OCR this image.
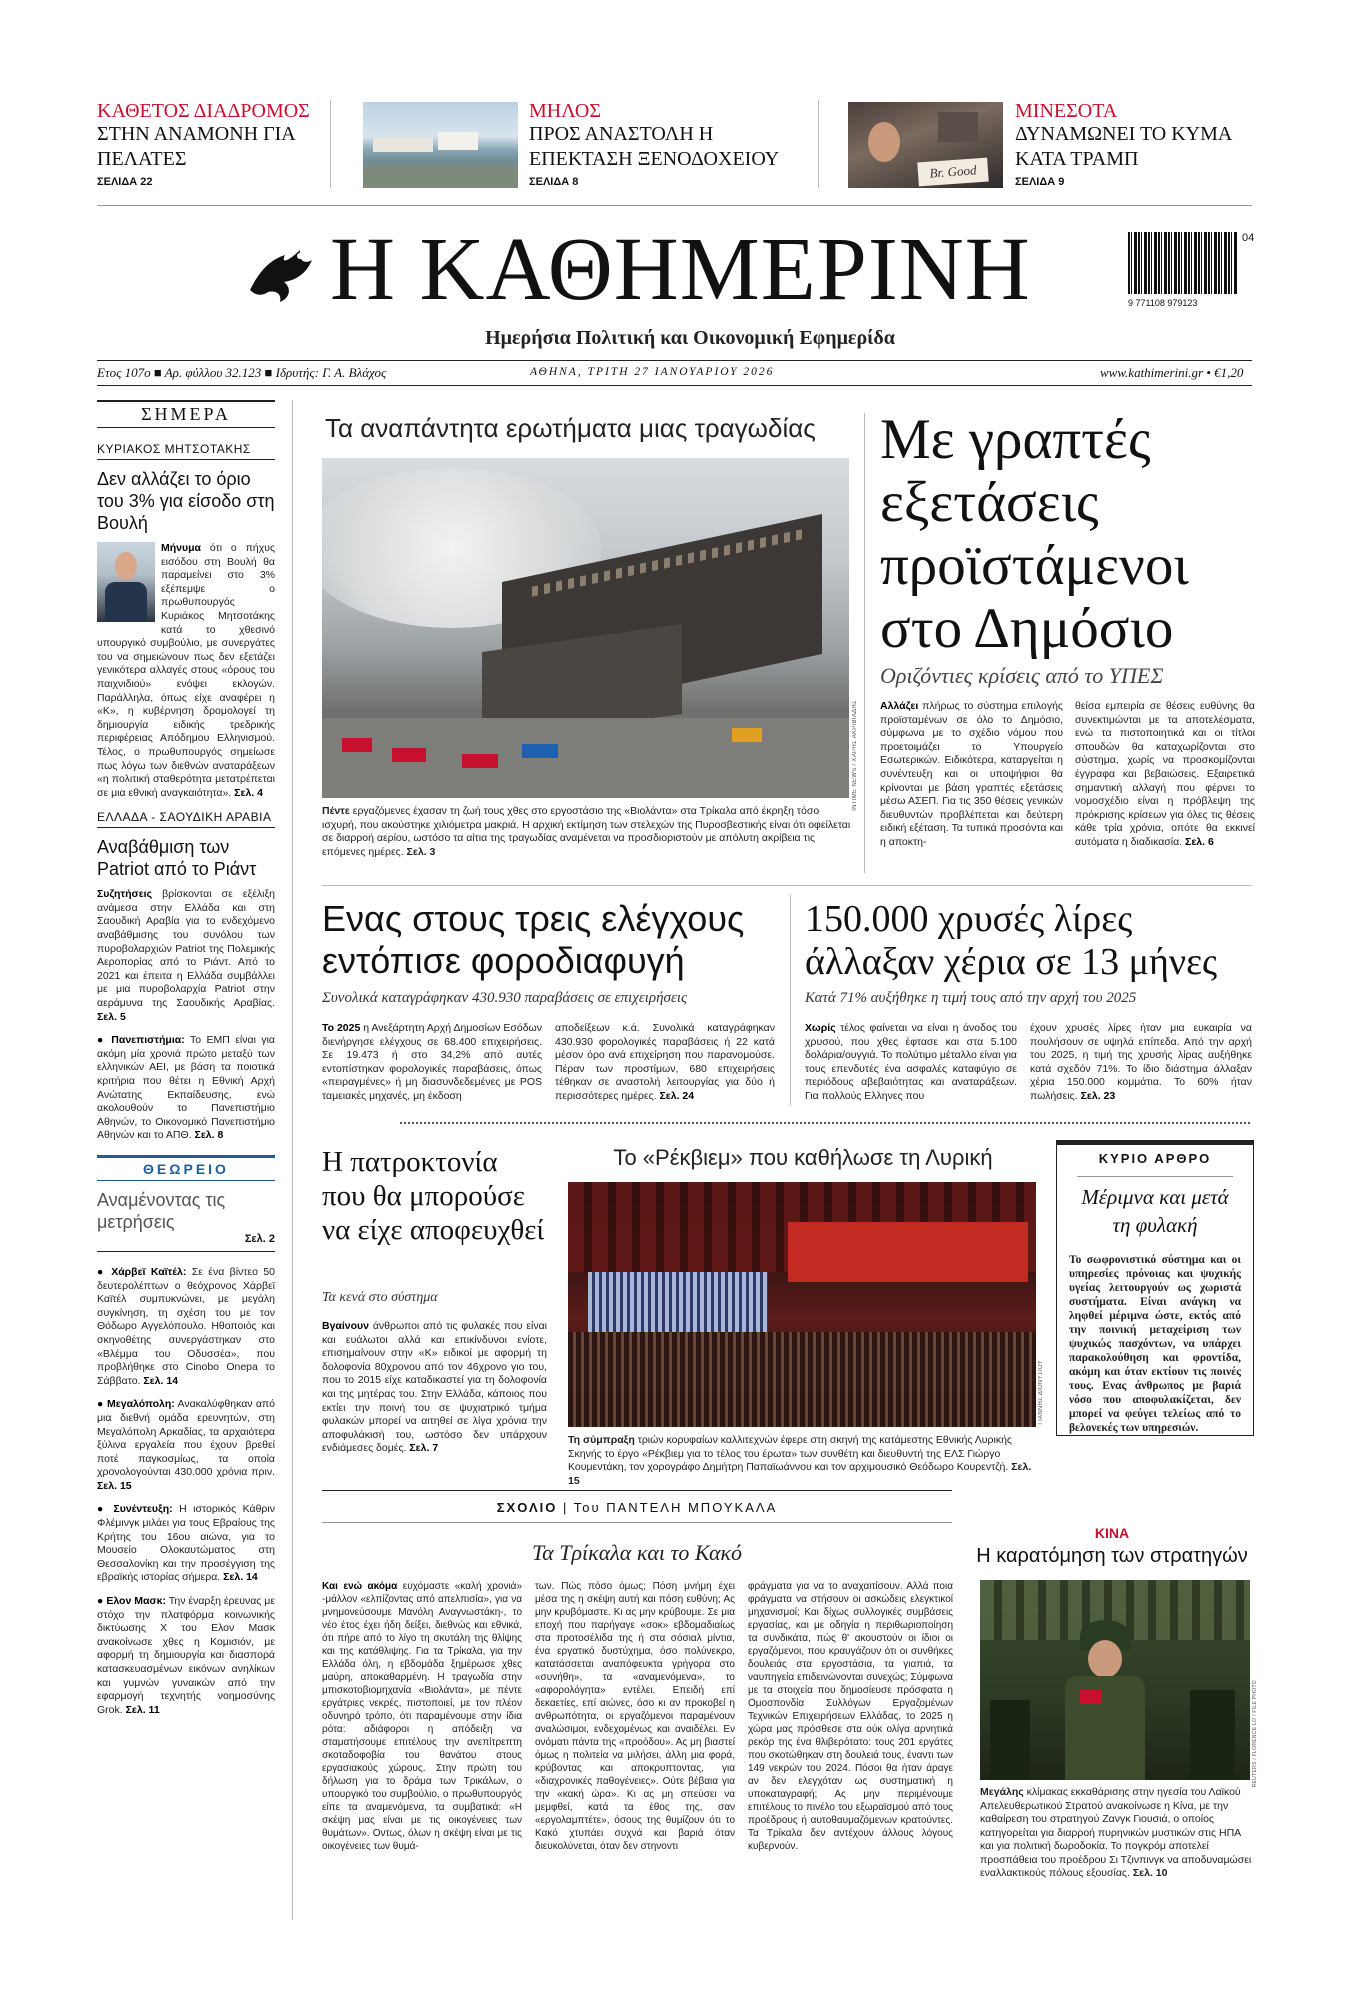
ΚΑΘΕΤΟΣ ΔΙΑΔΡΟΜΟΣ
ΣΤΗΝ ΑΝΑΜΟΝΗ ΓΙΑ ΠΕΛΑΤΕΣ
ΣΕΛΙΔΑ 22
ΜΗΛΟΣ
ΠΡΟΣ ΑΝΑΣΤΟΛΗ Η ΕΠΕΚΤΑΣΗ ΞΕΝΟΔΟΧΕΙΟΥ
ΣΕΛΙΔΑ 8
Br. Good
ΜΙΝΕΣΟΤΑ
ΔΥΝΑΜΩΝΕΙ ΤΟ ΚΥΜΑ ΚΑΤΑ ΤΡΑΜΠ
ΣΕΛΙΔΑ 9
Η ΚΑΘΗΜΕΡΙΝΗ
Ημερήσια Πολιτική και Οικονομική Εφημερίδα
04
9 771108 979123
Ετος 107ο ■ Αρ. φύλλου 32.123 ■ Ιδρυτής: Γ. Α. Βλάχος	ΑΘΗΝΑ, ΤΡΙΤΗ 27 ΙΑΝΟΥΑΡΙΟΥ 2026	www.kathimerini.gr • €1,20
ΣΗΜΕΡΑ
ΚΥΡΙΑΚΟΣ ΜΗΤΣΟΤΑΚΗΣ
Δεν αλλάζει το όριο του 3% για είσοδο στη Βουλή
Μήνυμα ότι ο πήχυς εισόδου στη Βουλή θα παραμείνει στο 3% εξέπεμψε ο πρωθυπουργός Κυριάκος Μητσοτάκης κατά το χθεσινό υπουργικό συμβούλιο, με συνεργάτες του να σημειώνουν πως δεν εξετάζει γενικότερα αλλαγές στους «όρους του παιχνιδιού» ενόψει εκλογών. Παράλληλα, όπως είχε αναφέρει η «Κ», η κυβέρνηση δρομολογεί τη δημιουργία ειδικής τρεδρικής περιφέρειας Απόδημου Ελληνισμού. Τέλος, ο πρωθυπουργός σημείωσε πως λόγω των διεθνών αναταράξεων «η πολιτική σταθερότητα μετατρέπεται σε μια εθνική αναγκαιότητα». Σελ. 4
ΕΛΛΑΔΑ - ΣΑΟΥΔΙΚΗ ΑΡΑΒΙΑ
Αναβάθμιση των Patriot από το Ριάντ
Συζητήσεις βρίσκονται σε εξέλιξη ανάμεσα στην Ελλάδα και στη Σαουδική Αραβία για το ενδεχόμενο αναβάθμισης του συνόλου των πυροβολαρχιών Patriot της Πολεμικής Αεροπορίας από το Ριάντ. Από το 2021 και έπειτα η Ελλάδα συμβάλλει με μια πυροβολαρχία Patriot στην αεράμυνα της Σαουδικής Αραβίας. Σελ. 5
● Πανεπιστήμια: Το ΕΜΠ είναι για ακόμη μία χρονιά πρώτο μεταξύ των ελληνικών ΑΕΙ, με βάση τα ποιοτικά κριτήρια που θέτει η Εθνική Αρχή Ανώτατης Εκπαίδευσης, ενώ ακολουθούν το Πανεπιστήμιο Αθηνών, το Οικονομικό Πανεπιστήμιο Αθηνών και το ΑΠΘ. Σελ. 8
ΘΕΩΡΕΙΟ
Αναμένοντας τις μετρήσεις
Σελ. 2
● Χάρβεϊ Καϊτέλ: Σε ένα βίντεο 50 δευτερολέπτων ο θεόχρονος Χάρβεϊ Καϊτέλ συμπυκνώνει, με μεγάλη συγκίνηση, τη σχέση του με τον Θόδωρο Αγγελόπουλο. Ηθοποιός και σκηνοθέτης συνεργάστηκαν στο «Βλέμμα του Οδυσσέα», που προβλήθηκε στο Cinobo Onepa το Σάββατο. Σελ. 14
● Μεγαλόπολη: Ανακαλύφθηκαν από μια διεθνή ομάδα ερευνητών, στη Μεγαλόπολη Αρκαδίας, τα αρχαιότερα ξύλινα εργαλεία που έχουν βρεθεί ποτέ παγκοσμίως, τα οποία χρονολογούνται 430.000 χρόνια πριν. Σελ. 15
● Συνέντευξη: Η ιστορικός Κάθριν Φλέμινγκ μιλάει για τους Εβραίους της Κρήτης του 16ου αιώνα, για το Μουσείο Ολοκαυτώματος στη Θεσσαλονίκη και την προσέγγιση της εβραϊκής ιστορίας σήμερα. Σελ. 14
● Ελον Μασκ: Την έναρξη έρευνας με στόχο την πλατφόρμα κοινωνικής δικτύωσης Χ του Ελον Μασκ ανακοίνωσε χθες η Κομισιόν, με αφορμή τη δημιουργία και διασπορά κατασκευασμένων εικόνων ανηλίκων και γυμνών γυναικών από την εφαρμογή τεχνητής νοημοσύνης Grok. Σελ. 11
Τα αναπάντητα ερωτήματα μιας τραγωδίας
INTIME NEWS / ΧΑΡΗΣ ΑΚΡΙΒΙΑΔΗΣ
Πέντε εργαζόμενες έχασαν τη ζωή τους χθες στο εργοστάσιο της «Βιολάντα» στα Τρίκαλα από έκρηξη τόσο ισχυρή, που ακούστηκε χιλιόμετρα μακριά. Η αρχική εκτίμηση των στελεχών της Πυροσβεστικής είναι ότι οφείλεται σε διαρροή αερίου, ωστόσο τα αίτια της τραγωδίας αναμένεται να προσδιοριστούν με απόλυτη ακρίβεια τις επόμενες ημέρες. Σελ. 3
Με γραπτές εξετάσεις προϊστάμενοι στο Δημόσιο
Οριζόντιες κρίσεις από το ΥΠΕΣ
Αλλάζει πλήρως το σύστημα επιλογής προϊσταμένων σε όλο το Δημόσιο, σύμφωνα με το σχέδιο νόμου που προετοιμάζει το Υπουργείο Εσωτερικών. Ειδικότερα, καταργείται η συνέντευξη και οι υποψήφιοι θα κρίνονται με βάση γραπτές εξετάσεις μέσω ΑΣΕΠ. Για τις 350 θέσεις γενικών διευθυντών προβλέπεται και δεύτερη ειδική εξέταση. Τα τυπικά προσόντα και η αποκτη-
θείσα εμπειρία σε θέσεις ευθύνης θα συνεκτιμώνται με τα αποτελέσματα, ενώ τα πιστοποιητικά και οι τίτλοι σπουδών θα καταχωρίζονται στο σύστημα, χωρίς να προσκομίζονται έγγραφα και βεβαιώσεις. Εξαιρετικά σημαντική αλλαγή που φέρνει το νομοσχέδιο είναι η πρόβλεψη της πρόκρισης κρίσεων για όλες τις θέσεις κάθε τρία χρόνια, οπότε θα εκκινεί αυτόματα η διαδικασία. Σελ. 6
Ενας στους τρεις ελέγχους εντόπισε φοροδιαφυγή
Συνολικά καταγράφηκαν 430.930 παραβάσεις σε επιχειρήσεις
Το 2025 η Ανεξάρτητη Αρχή Δημοσίων Εσόδων διενήργησε ελέγχους σε 68.400 επιχειρήσεις. Σε 19.473 ή στο 34,2% από αυτές εντοπίστηκαν φορολογικές παραβάσεις, όπως «πειραγμένες» ή μη διασυνδεδεμένες με POS ταμειακές μηχανές, μη έκδοση
αποδείξεων κ.ά. Συνολικά καταγράφηκαν 430.930 φορολογικές παραβάσεις ή 22 κατά μέσον όρο ανά επιχείρηση που παρανομούσε. Πέραν των προστίμων, 680 επιχειρήσεις τέθηκαν σε αναστολή λειτουργίας για δύο ή περισσότερες ημέρες. Σελ. 24
150.000 χρυσές λίρες άλλαξαν χέρια σε 13 μήνες
Κατά 71% αυξήθηκε η τιμή τους από την αρχή του 2025
Χωρίς τέλος φαίνεται να είναι η άνοδος του χρυσού, που χθες έφτασε και στα 5.100 δολάρια/ουγγιά. Το πολύτιμο μέταλλο είναι για τους επενδυτές ένα ασφαλές καταφύγιο σε περιόδους αβεβαιότητας και αναταράξεων. Για πολλούς Ελληνες που
έχουν χρυσές λίρες ήταν μια ευκαιρία να πουλήσουν σε υψηλά επίπεδα. Από την αρχή του 2025, η τιμή της χρυσής λίρας αυξήθηκε κατά σχεδόν 71%. Το ίδιο διάστημα άλλαξαν χέρια 150.000 κομμάτια. Το 60% ήταν πωλήσεις. Σελ. 23
Η πατροκτονία που θα μπορούσε να είχε αποφευχθεί
Τα κενά στο σύστημα
Βγαίνουν άνθρωποι από τις φυλακές που είναι και ευάλωτοι αλλά και επικίνδυνοι ενίοτε, επισημαίνουν στην «Κ» ειδικοί με αφορμή τη δολοφονία 80χρονου από τον 46χρονο γιο του, που το 2015 είχε καταδικαστεί για τη δολοφονία και της μητέρας του. Στην Ελλάδα, κάποιος που εκτίει την ποινή του σε ψυχιατρικό τμήμα φυλακών μπορεί να αιτηθεί σε λίγα χρόνια την αποφυλάκισή του, ωστόσο δεν υπάρχουν ενδιάμεσες δομές. Σελ. 7
Το «Ρέκβιεμ» που καθήλωσε τη Λυρική
ΓΙΑΝΝΗΣ ΔΙΟΝΥΣΙΟΥ
Τη σύμπραξη τριών κορυφαίων καλλιτεχνών έφερε στη σκηνή της κατάμεστης Εθνικής Λυρικής Σκηνής το έργο «Ρέκβιεμ για το τέλος του έρωτα» των συνθέτη και διευθυντή της ΕΛΣ Γιώργο Κουμεντάκη, τον χορογράφο Δημήτρη Παπαϊωάννου και τον αρχιμουσικό Θεόδωρο Κουρεντζή. Σελ. 15
ΚΥΡΙΟ ΑΡΘΡΟ
Μέριμνα και μετά τη φυλακή
Το σωφρονιστικό σύστημα και οι υπηρεσίες πρόνοιας και ψυχικής υγείας λειτουργούν ως χωριστά συστήματα. Είναι ανάγκη να ληφθεί μέριμνα ώστε, εκτός από την ποινική μεταχείριση των ψυχικώς πασχόντων, να υπάρχει παρακολούθηση και φροντίδα, ακόμη και όταν εκτίουν τις ποινές τους. Ενας άνθρωπος με βαριά νόσο που αποφυλακίζεται, δεν μπορεί να φεύγει τελείως από το βελονεκές των υπηρεσιών.
ΣΧΟΛΙΟ | Του ΠΑΝΤΕΛΗ ΜΠΟΥΚΑΛΑ
Τα Τρίκαλα και το Κακό
Και ενώ ακόμα ευχόμαστε «καλή χρονιά» -μάλλον «ελπίζοντας από απελπισία», για να μνημονεύσουμε Μανόλη Αναγνωστάκη-, το νέο έτος έχει ήδη δείξει, διεθνώς και εθνικά, ότι πήρε από το λίγο τη σκυτάλη της θλίψης και της κατάθλιψης. Για τα Τρίκαλα, για την Ελλάδα όλη, η εβδομάδα ξημέρωσε χθες μαύρη, αποκαθαρμένη. Η τραγωδία στην μπισκοτοβιομηχανία «Βιολάντα», με πέντε εργάτριες νεκρές, πιστοποιεί, με τον πλέον οδυνηρό τρόπο, ότι παραμένουμε στην ίδια ρότα: αδιάφοροι η απόδειξη να σταματήσουμε επιτέλους την ανεπίτρεπτη σκοταδοφοβία του θανάτου στους εργασιακούς χώρους. Στην πρώτη του δήλωση για το δράμα των Τρικάλων, ο υπουργικό του συμβούλιο, ο πρωθυπουργός είπε τα αναμενόμενα, τα συμβατικά: «Η σκέψη μας είναι με τις οικογένειες των θυμάτων». Οντως, όλων η σκέψη είναι με τις οικογένειες των θυμά-
των. Πώς πόσο όμως; Πόση μνήμη έχει μέσα της η σκέψη αυτή και πόση ευθύνη; Ας μην κρυβόμαστε. Κι ας μην κρύβουμε. Σε μια εποχή που παρήγαγε «σοκ» εβδομαδιαίως στα προτοσέλιδα της ή στα σόσιαλ μίντια, ένα εργατικό δυστύχημα, όσο πολύνεκρο, κατατάσσεται αναπόφευκτα γρήγορα στο «συνήθη», τα «αναμενόμενα», το «αφορολόγητα» εντέλει. Επειδή επί δεκαετίες, επί αιώνες, όσο κι αν προκοβεί η ανθρωπότητα, οι εργαζόμενοι παραμένουν αναλώσιμοι, ενδεχομένως και αναιδέλει. Εν ονόματι πάντα της «προόδου». Ας μη βιαστεί όμως η πολιτεία να μιλήσει, άλλη μια φορά, κρύβοντας και αποκρυπτοντας, για «διαχρονικές παθογένειες». Ούτε βέβαια για την «κακή ώρα». Κι ας μη σπεύσει να μεμφθεί, κατά τα έθος της, σαν «εργολαμπτέτε», όσους της θυμίζουν ότι το Κακό χτυπάει συχνά και βαριά όταν διευκολύνεται, όταν δεν στηνοντι
φράγματα για να το αναχαιτίσουν. Αλλά ποια φράγματα να στήσουν οι ασκώδεις ελεγκτικοί μηχανισμοί; Και δίχως συλλογικές συμβάσεις εργασίας, και με οδηγία η περιθωριοποίηση τα συνδικάτα, πώς θ' ακουστούν οι ίδιοι οι εργαζόμενοι, που κραυγάζουν ότι οι συνθήκες δουλειάς στα εργοστάσια, τα γιαπιά, τα ναυπηγεία επιδεινώνονται συνεχώς; Σύμφωνα με τα στοιχεία που δημοσίευσε πρόσφατα η Ομοσπονδία Συλλόγων Εργαζομένων Τεχνικών Επιχειρήσεων Ελλάδας, το 2025 η χώρα μας πρόσθεσε στα ούκ ολίγα αρνητικά ρεκόρ της ένα θλιβερότατο: τους 201 εργάτες που σκοτώθηκαν στη δουλειά τους, έναντι των 149 νεκρών του 2024. Πόσοι θα ήταν άραγε αν δεν ελεγχόταν ως συστηματική η υποκαταγραφή; Ας μην περιμένουμε επιτέλους το πινέλο του εξωραϊσμού από τους προέδρους ή αυτοθαυμαζόμενων κρατούντες. Τα Τρίκαλα δεν αντέχουν άλλους λόγους κυβερνούν.
ΚΙΝΑ
Η καρατόμηση των στρατηγών
REUTERS / FLORENCE LO / FILE PHOTO
Μεγάλης κλίμακας εκκαθάρισης στην ηγεσία του Λαϊκού Απελευθερωτικού Στρατού ανακοίνωσε η Κίνα, με την καθαίρεση του στρατηγού Ζανγκ Γιουσιά, ο οποίος κατηγορείται για διαρροή πυρηνικών μυστικών στις ΗΠΑ και για πολιτική δωροδοκία. Το πογκρόμ αποτελεί προσπάθεια του προέδρου Σι Τζινπινγκ να αποδυναμώσει εναλλακτικούς πόλους εξουσίας. Σελ. 10
